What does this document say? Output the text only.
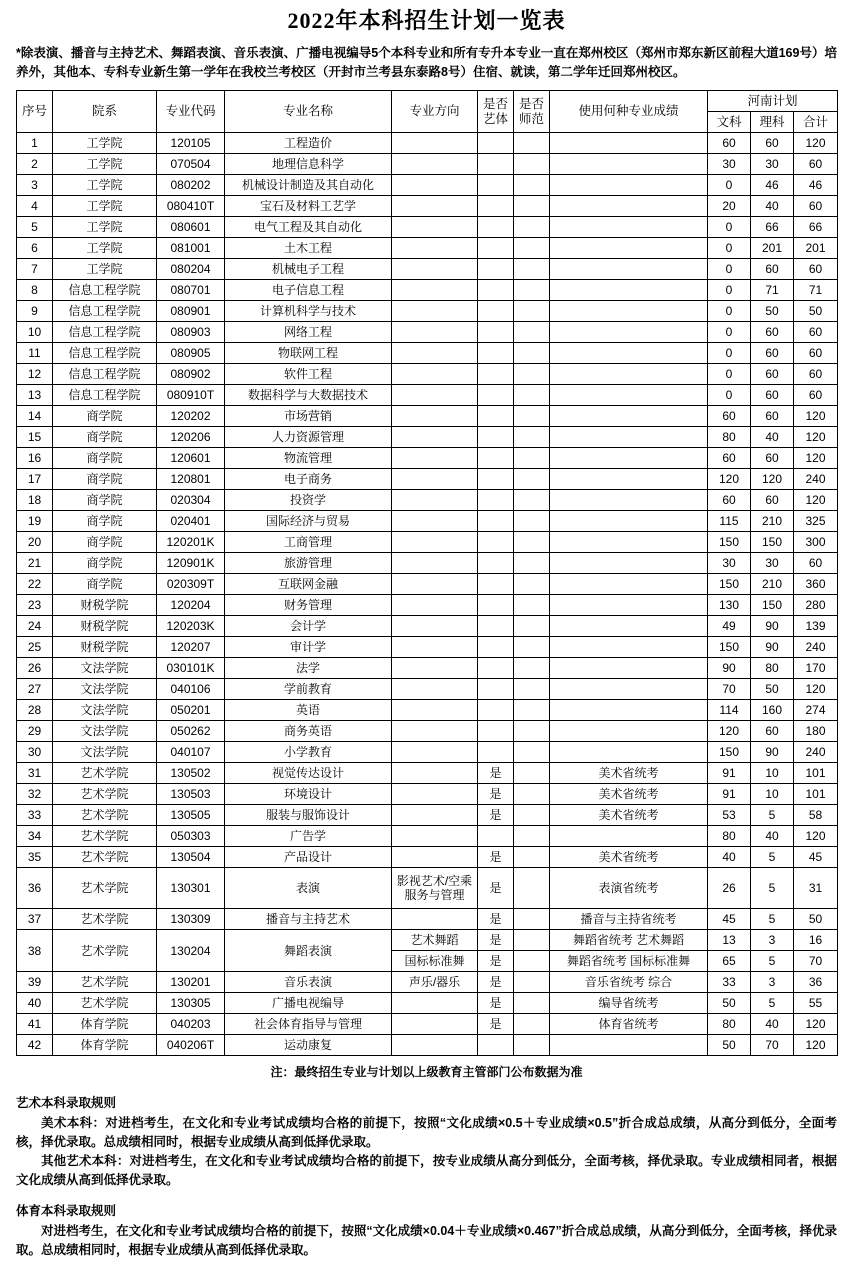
2022年本科招生计划一览表
*除表演、播音与主持艺术、舞蹈表演、音乐表演、广播电视编导5个本科专业和所有专升本专业一直在郑州校区（郑州市郑东新区前程大道169号）培养外，其他本、专科专业新生第一学年在我校兰考校区（开封市兰考县东泰路8号）住宿、就读，第二学年迁回郑州校区。
序号	院系	专业代码	专业名称	专业方向	是否艺体	是否师范	使用何种专业成绩	河南计划		
								文科	理科	合计
1	工学院	120105	工程造价					60	60	120
2	工学院	070504	地理信息科学					30	30	60
3	工学院	080202	机械设计制造及其自动化					0	46	46
4	工学院	080410T	宝石及材料工艺学					20	40	60
5	工学院	080601	电气工程及其自动化					0	66	66
6	工学院	081001	土木工程					0	201	201
7	工学院	080204	机械电子工程					0	60	60
8	信息工程学院	080701	电子信息工程					0	71	71
9	信息工程学院	080901	计算机科学与技术					0	50	50
10	信息工程学院	080903	网络工程					0	60	60
11	信息工程学院	080905	物联网工程					0	60	60
12	信息工程学院	080902	软件工程					0	60	60
13	信息工程学院	080910T	数据科学与大数据技术					0	60	60
14	商学院	120202	市场营销					60	60	120
15	商学院	120206	人力资源管理					80	40	120
16	商学院	120601	物流管理					60	60	120
17	商学院	120801	电子商务					120	120	240
18	商学院	020304	投资学					60	60	120
19	商学院	020401	国际经济与贸易					115	210	325
20	商学院	120201K	工商管理					150	150	300
21	商学院	120901K	旅游管理					30	30	60
22	商学院	020309T	互联网金融					150	210	360
23	财税学院	120204	财务管理					130	150	280
24	财税学院	120203K	会计学					49	90	139
25	财税学院	120207	审计学					150	90	240
26	文法学院	030101K	法学					90	80	170
27	文法学院	040106	学前教育					70	50	120
28	文法学院	050201	英语					114	160	274
29	文法学院	050262	商务英语					120	60	180
30	文法学院	040107	小学教育					150	90	240
31	艺术学院	130502	视觉传达设计		是		美术省统考	91	10	101
32	艺术学院	130503	环境设计		是		美术省统考	91	10	101
33	艺术学院	130505	服装与服饰设计		是		美术省统考	53	5	58
34	艺术学院	050303	广告学					80	40	120
35	艺术学院	130504	产品设计		是		美术省统考	40	5	45
36	艺术学院	130301	表演	影视艺术/空乘服务与管理	是		表演省统考	26	5	31
37	艺术学院	130309	播音与主持艺术		是		播音与主持省统考	45	5	50
38	艺术学院	130204	舞蹈表演	艺术舞蹈	是		舞蹈省统考 艺术舞蹈	13	3	16
				国标标准舞	是		舞蹈省统考 国标标准舞	65	5	70
39	艺术学院	130201	音乐表演	声乐/器乐	是		音乐省统考 综合	33	3	36
40	艺术学院	130305	广播电视编导		是		编导省统考	50	5	55
41	体育学院	040203	社会体育指导与管理		是		体育省统考	80	40	120
42	体育学院	040206T	运动康复					50	70	120
注：最终招生专业与计划以上级教育主管部门公布数据为准
艺术本科录取规则

美术本科：对进档考生，在文化和专业考试成绩均合格的前提下，按照“文化成绩×0.5＋专业成绩×0.5”折合成总成绩，从高分到低分，全面考核，择优录取。总成绩相同时，根据专业成绩从高到低择优录取。

其他艺术本科：对进档考生，在文化和专业考试成绩均合格的前提下，按专业成绩从高分到低分，全面考核，择优录取。专业成绩相同者，根据文化成绩从高到低择优录取。

体育本科录取规则

对进档考生，在文化和专业考试成绩均合格的前提下，按照“文化成绩×0.04＋专业成绩×0.467”折合成总成绩，从高分到低分，全面考核，择优录取。总成绩相同时，根据专业成绩从高到低择优录取。
